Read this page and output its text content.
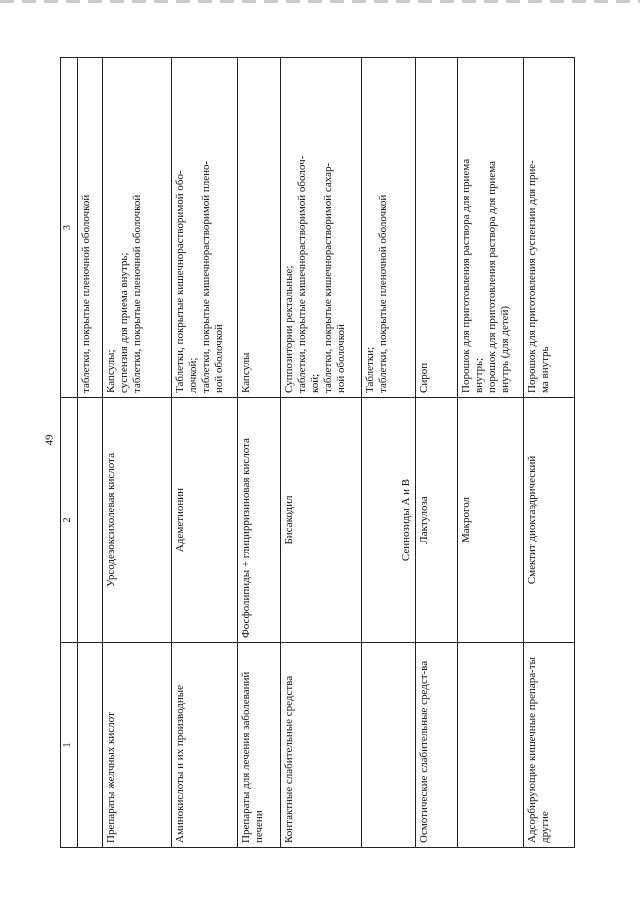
49
1	2	3

		таблетки, покрытые пленочной оболочкой

Препараты желчных кислот	Урсодезоксихолевая кислота	Капсулы; суспензия для приема внутрь; таблетки, покрытые пленочной оболочкой

Аминокислоты и их производные	Адеметионин	Таблетки, покрытые кишечнорастворимой обо- лочкой; таблетки, покрытые кишечнорастворимой плено- ной оболочкой

Препараты для лечения заболеваний печени	Фосфолипиды + глицирризиновая кислота	Капсулы

Контактные слабительные средства	Бисакодил	Суппозитории ректальные; таблетки, покрытые кишечнорастворимой оболоч- кой; таблетки, покрытые кишечнорастворимой сахар- ной оболочкой

	Сеннозиды А и В	Таблетки; таблетки, покрытые пленочной оболочкой

Осмотические слабительные средст-ва	Лактулоза	Сироп

	Макрогол	Порошок для приготовления раствора для приема внутрь; порошок для приготовления раствора для приема внутрь (для детей)

Адсорбирующие кишечные препара-ты другие	Смектит диоктаэдрический	Порошок для приготовления суспензии для прие- ма внутрь
